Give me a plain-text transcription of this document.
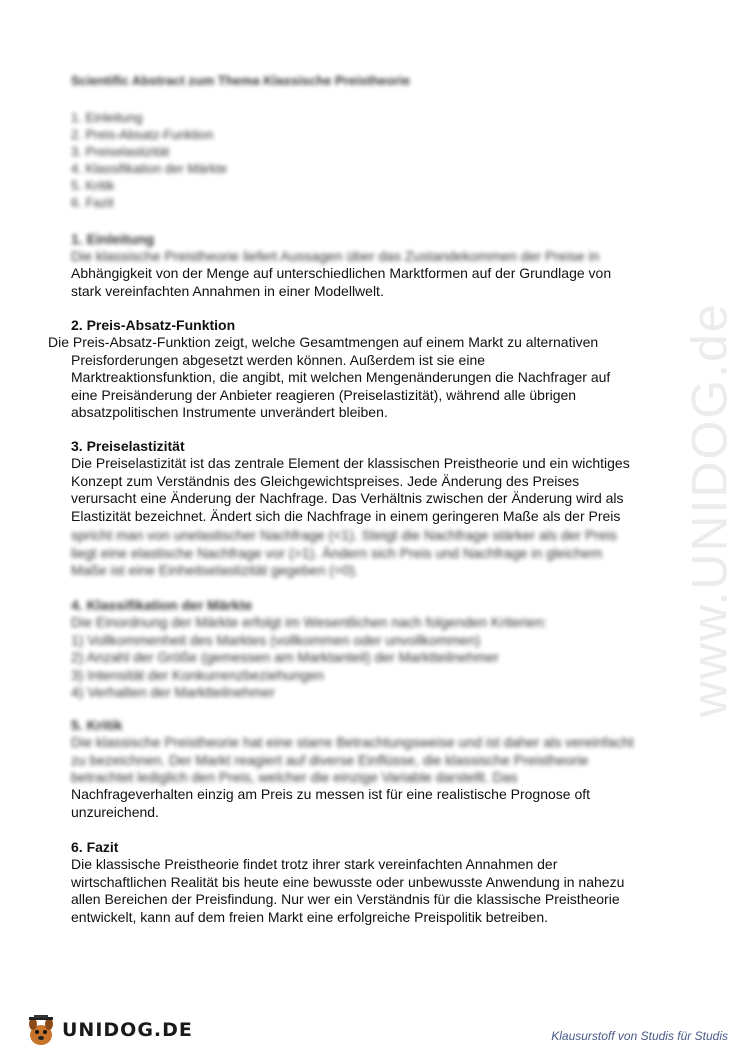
www.UNIDOG.de
Scientific Abstract zum Thema Klassische Preistheorie
1. Einleitung
2. Preis-Absatz-Funktion
3. Preiselastizität
4. Klassifikation der Märkte
5. Kritik
6. Fazit
1. Einleitung

Die klassische Preistheorie liefert Aussagen über das Zustandekommen der Preise in

Abhängigkeit von der Menge auf unterschiedlichen Marktformen auf der Grundlage von

stark vereinfachten Annahmen in einer Modellwelt.

2. Preis-Absatz-Funktion

Die Preis-Absatz-Funktion zeigt, welche Gesamtmengen auf einem Markt zu alternativen

Preisforderungen abgesetzt werden können. Außerdem ist sie eine

Marktreaktionsfunktion, die angibt, mit welchen Mengenänderungen die Nachfrager auf

eine Preisänderung der Anbieter reagieren (Preiselastizität), während alle übrigen

absatzpolitischen Instrumente unverändert bleiben.

3. Preiselastizität

Die Preiselastizität ist das zentrale Element der klassischen Preistheorie und ein wichtiges

Konzept zum Verständnis des Gleichgewichtspreises. Jede Änderung des Preises

verursacht eine Änderung der Nachfrage. Das Verhältnis zwischen der Änderung wird als

Elastizität bezeichnet. Ändert sich die Nachfrage in einem geringeren Maße als der Preis

spricht man von unelastischer Nachfrage (<1). Steigt die Nachfrage stärker als der Preis

liegt eine elastische Nachfrage vor (>1). Ändern sich Preis und Nachfrage in gleichem

Maße ist eine Einheitselastizität gegeben (=0).

4. Klassifikation der Märkte

Die Einordnung der Märkte erfolgt im Wesentlichen nach folgenden Kriterien:

1) Vollkommenheit des Marktes (vollkommen oder unvollkommen)

2) Anzahl der Größe (gemessen am Marktanteil) der Marktteilnehmer

3) Intensität der Konkurrenzbeziehungen

4) Verhalten der Marktteilnehmer

5. Kritik

Die klassische Preistheorie hat eine starre Betrachtungsweise und ist daher als vereinfacht

zu bezeichnen. Der Markt reagiert auf diverse Einflüsse, die klassische Preistheorie

betrachtet lediglich den Preis, welcher die einzige Variable darstellt. Das

Nachfrageverhalten einzig am Preis zu messen ist für eine realistische Prognose oft

unzureichend.

6. Fazit

Die klassische Preistheorie findet trotz ihrer stark vereinfachten Annahmen der

wirtschaftlichen Realität bis heute eine bewusste oder unbewusste Anwendung in nahezu

allen Bereichen der Preisfindung. Nur wer ein Verständnis für die klassische Preistheorie

entwickelt, kann auf dem freien Markt eine erfolgreiche Preispolitik betreiben.

UNIDOG.DE	Klausurstoff von Studis für Studis
